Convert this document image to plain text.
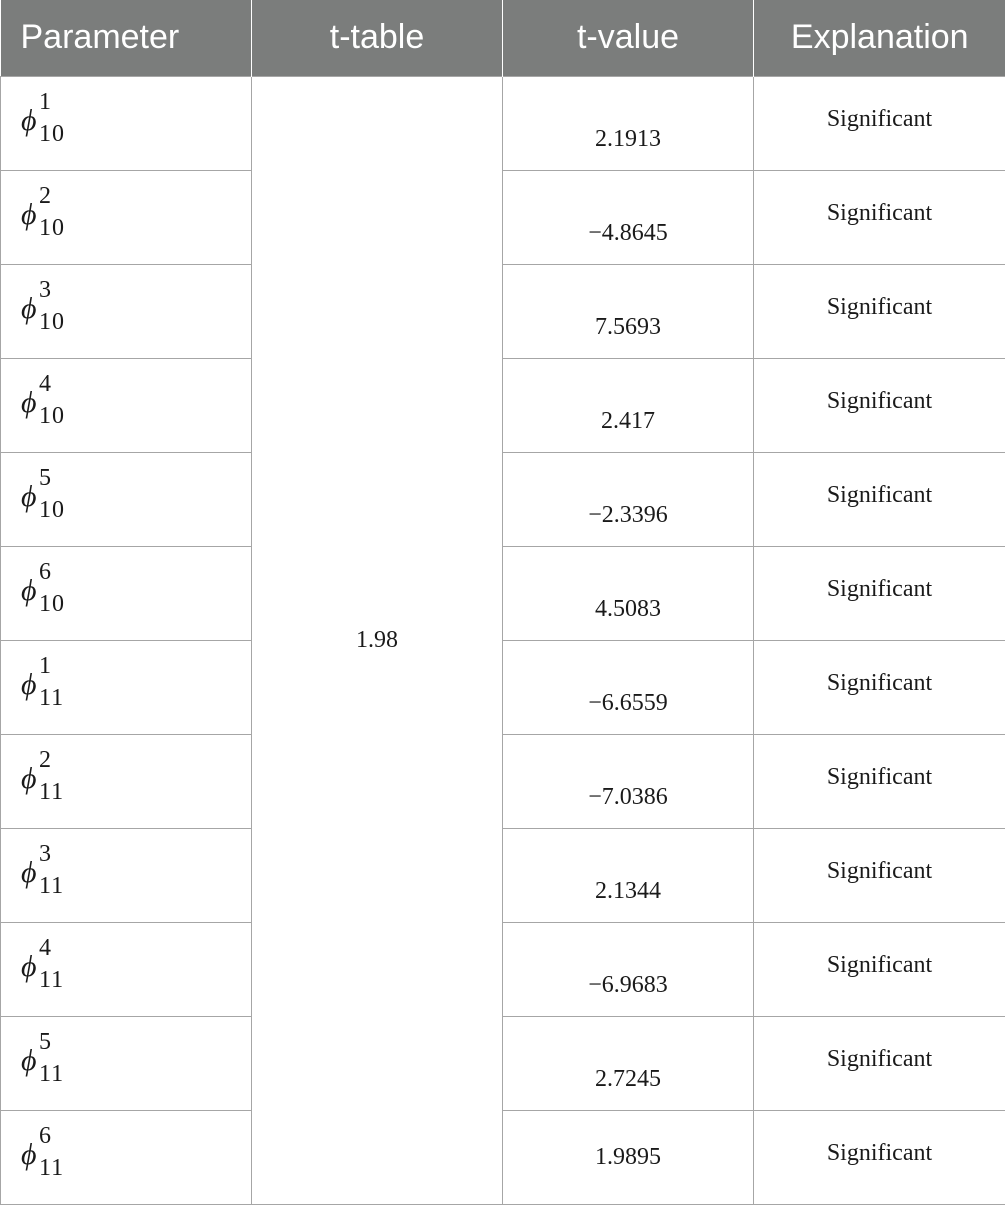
Parameter	t-table	t-value	Explanation

ϕ
1
10	1.98	2.1913	Significant

ϕ
2
10		−4.8645	Significant

ϕ
3
10		7.5693	Significant

ϕ
4
10		2.417	Significant

ϕ
5
10		−2.3396	Significant

ϕ
6
10		4.5083	Significant

ϕ
1
11		−6.6559	Significant

ϕ
2
11		−7.0386	Significant

ϕ
3
11		2.1344	Significant

ϕ
4
11		−6.9683	Significant

ϕ
5
11		2.7245	Significant

ϕ
6
11		1.9895	Significant
